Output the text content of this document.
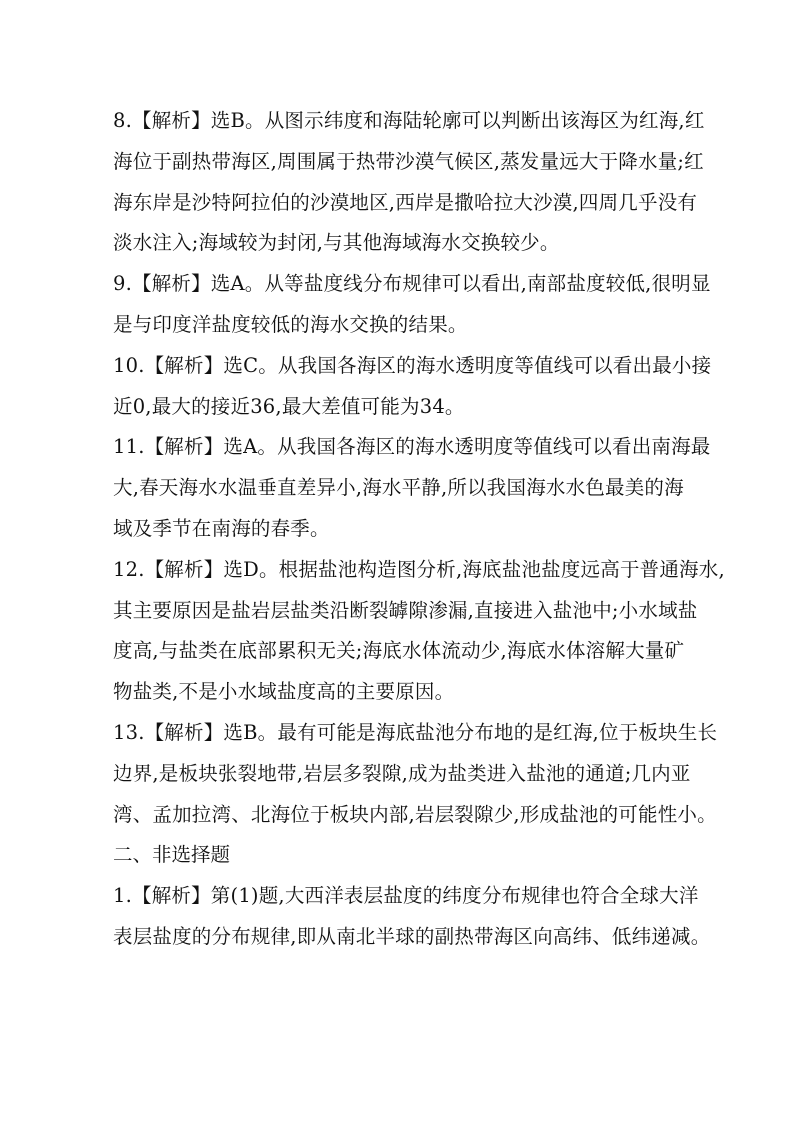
8.【解析】选B。从图示纬度和海陆轮廓可以判断出该海区为红海,红
海位于副热带海区,周围属于热带沙漠气候区,蒸发量远大于降水量;红
海东岸是沙特阿拉伯的沙漠地区,西岸是撒哈拉大沙漠,四周几乎没有
淡水注入;海域较为封闭,与其他海域海水交换较少。

9.【解析】选A。从等盐度线分布规律可以看出,南部盐度较低,很明显
是与印度洋盐度较低的海水交换的结果。

10.【解析】选C。从我国各海区的海水透明度等值线可以看出最小接
近0,最大的接近36,最大差值可能为34。

11.【解析】选A。从我国各海区的海水透明度等值线可以看出南海最
大,春天海水水温垂直差异小,海水平静,所以我国海水水色最美的海
域及季节在南海的春季。

12.【解析】选D。根据盐池构造图分析,海底盐池盐度远高于普通海水,
其主要原因是盐岩层盐类沿断裂罅隙渗漏,直接进入盐池中;小水域盐
度高,与盐类在底部累积无关;海底水体流动少,海底水体溶解大量矿
物盐类,不是小水域盐度高的主要原因。

13.【解析】选B。最有可能是海底盐池分布地的是红海,位于板块生长
边界,是板块张裂地带,岩层多裂隙,成为盐类进入盐池的通道;几内亚
湾、孟加拉湾、北海位于板块内部,岩层裂隙少,形成盐池的可能性小。

二、非选择题

1.【解析】第(1)题,大西洋表层盐度的纬度分布规律也符合全球大洋
表层盐度的分布规律,即从南北半球的副热带海区向高纬、低纬递减。
